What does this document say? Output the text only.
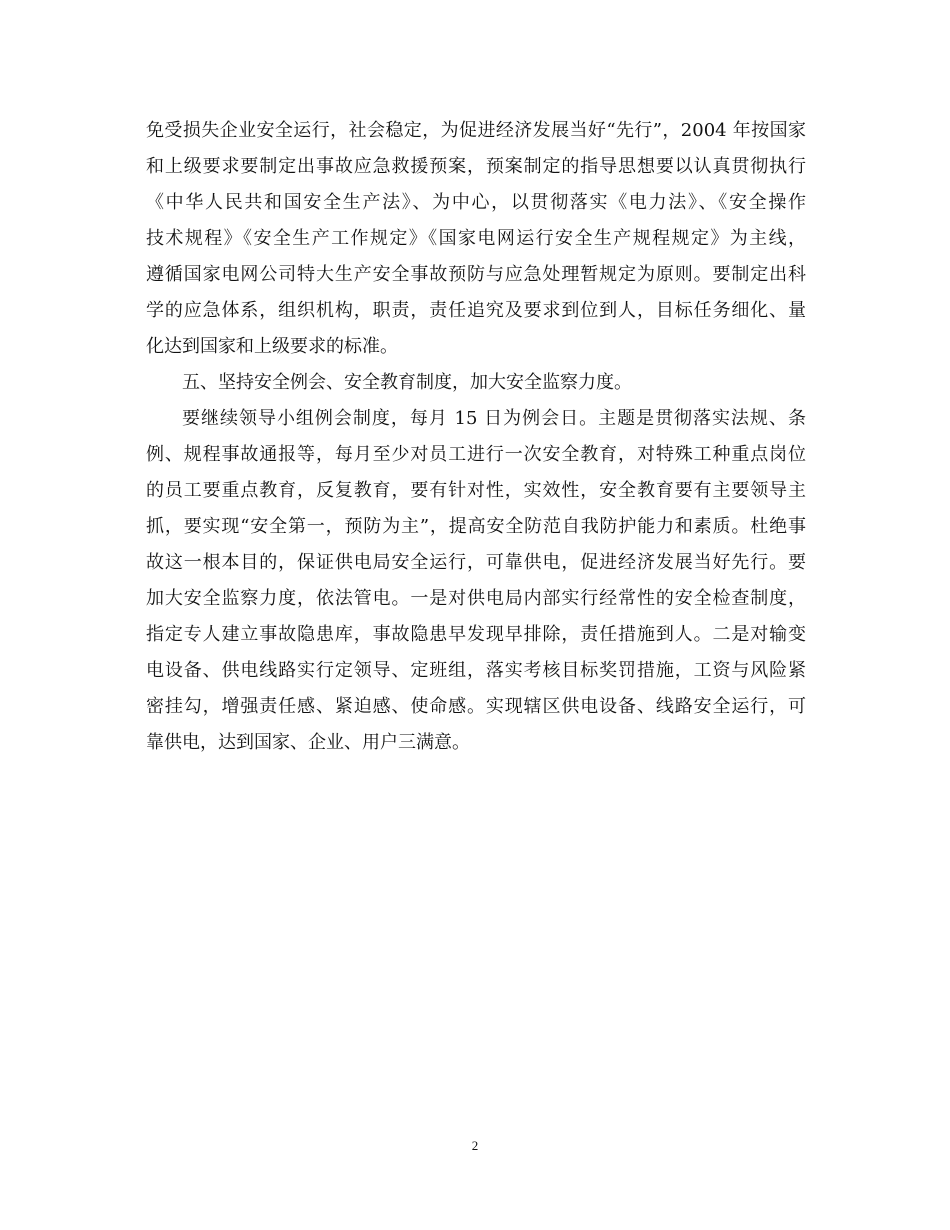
免受损失企业安全运行，社会稳定，为促进经济发展当好“先行”，2004 年按国家
和上级要求要制定出事故应急救援预案，预案制定的指导思想要以认真贯彻执行
《中华人民共和国安全生产法》、为中心，以贯彻落实《电力法》、《安全操作
技术规程》《安全生产工作规定》《国家电网运行安全生产规程规定》为主线，
遵循国家电网公司特大生产安全事故预防与应急处理暂规定为原则。要制定出科
学的应急体系，组织机构，职责，责任追究及要求到位到人，目标任务细化、量
化达到国家和上级要求的标准。
五、坚持安全例会、安全教育制度，加大安全监察力度。
要继续领导小组例会制度，每月 15 日为例会日。主题是贯彻落实法规、条
例、规程事故通报等，每月至少对员工进行一次安全教育，对特殊工种重点岗位
的员工要重点教育，反复教育，要有针对性，实效性，安全教育要有主要领导主
抓，要实现“安全第一，预防为主”，提高安全防范自我防护能力和素质。杜绝事
故这一根本目的，保证供电局安全运行，可靠供电，促进经济发展当好先行。要
加大安全监察力度，依法管电。一是对供电局内部实行经常性的安全检查制度，
指定专人建立事故隐患库，事故隐患早发现早排除，责任措施到人。二是对输变
电设备、供电线路实行定领导、定班组，落实考核目标奖罚措施，工资与风险紧
密挂勾，增强责任感、紧迫感、使命感。实现辖区供电设备、线路安全运行，可
靠供电，达到国家、企业、用户三满意。
2
